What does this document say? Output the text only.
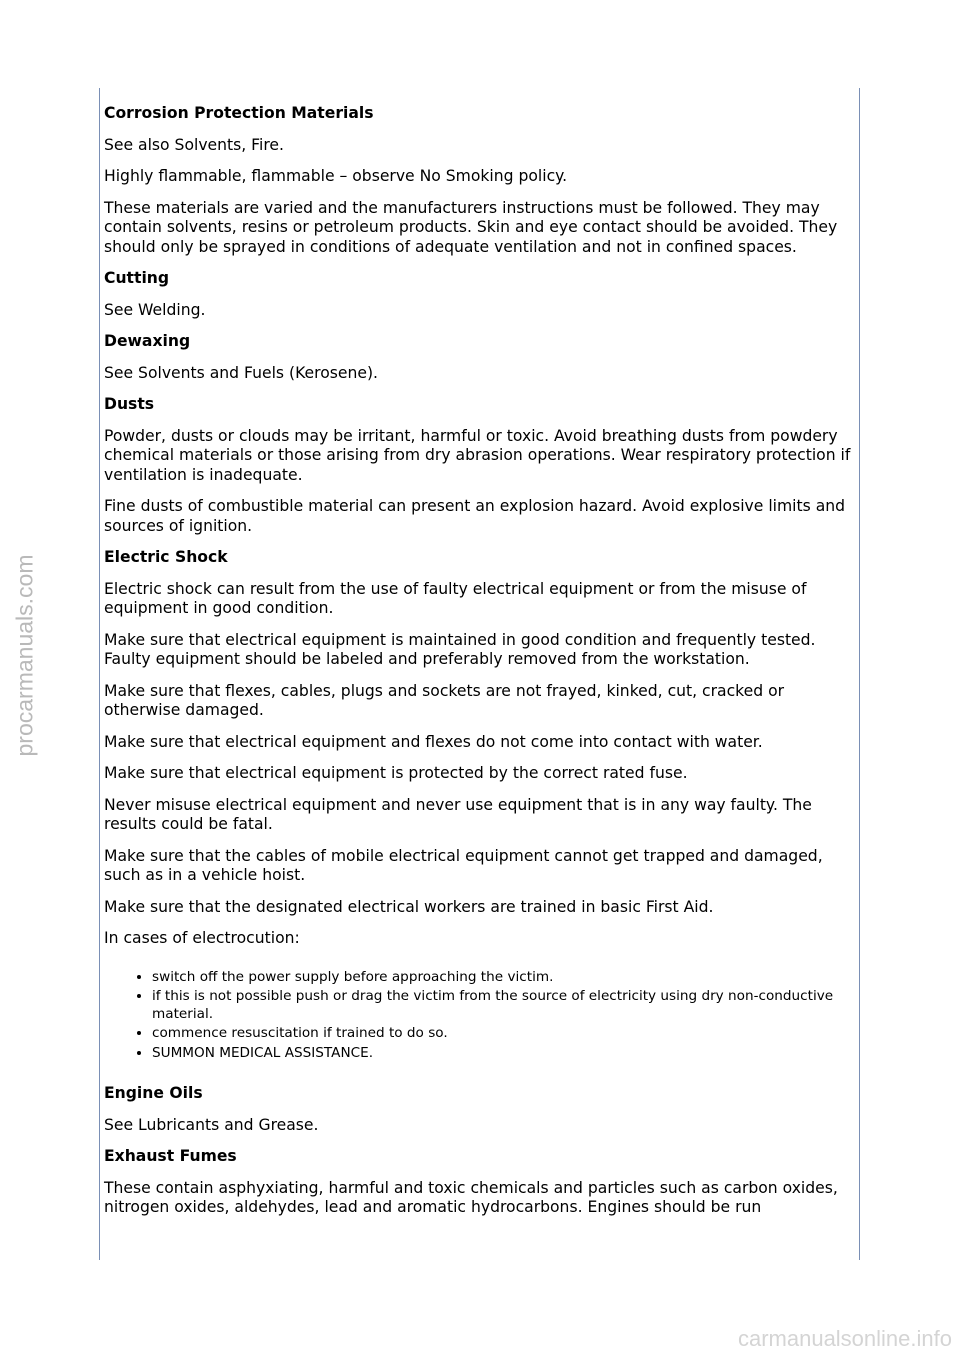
procarmanuals.com

Corrosion Protection Materials

See also Solvents, Fire.

Highly flammable, flammable – observe No Smoking policy.

These materials are varied and the manufacturers instructions must be followed. They may contain solvents, resins or petroleum products. Skin and eye contact should be avoided. They should only be sprayed in conditions of adequate ventilation and not in confined spaces.

Cutting

See Welding.

Dewaxing

See Solvents and Fuels (Kerosene).

Dusts

Powder, dusts or clouds may be irritant, harmful or toxic. Avoid breathing dusts from powdery chemical materials or those arising from dry abrasion operations. Wear respiratory protection if ventilation is inadequate.

Fine dusts of combustible material can present an explosion hazard. Avoid explosive limits and sources of ignition.

Electric Shock

Electric shock can result from the use of faulty electrical equipment or from the misuse of equipment in good condition.

Make sure that electrical equipment is maintained in good condition and frequently tested. Faulty equipment should be labeled and preferably removed from the workstation.

Make sure that flexes, cables, plugs and sockets are not frayed, kinked, cut, cracked or otherwise damaged.

Make sure that electrical equipment and flexes do not come into contact with water.

Make sure that electrical equipment is protected by the correct rated fuse.

Never misuse electrical equipment and never use equipment that is in any way faulty. The results could be fatal.

Make sure that the cables of mobile electrical equipment cannot get trapped and damaged, such as in a vehicle hoist.

Make sure that the designated electrical workers are trained in basic First Aid.

In cases of electrocution:

• switch off the power supply before approaching the victim.
• if this is not possible push or drag the victim from the source of electricity using dry non-conductive material.
• commence resuscitation if trained to do so.
• SUMMON MEDICAL ASSISTANCE.

Engine Oils

See Lubricants and Grease.

Exhaust Fumes

These contain asphyxiating, harmful and toxic chemicals and particles such as carbon oxides, nitrogen oxides, aldehydes, lead and aromatic hydrocarbons. Engines should be run

carmanualsonline.info
